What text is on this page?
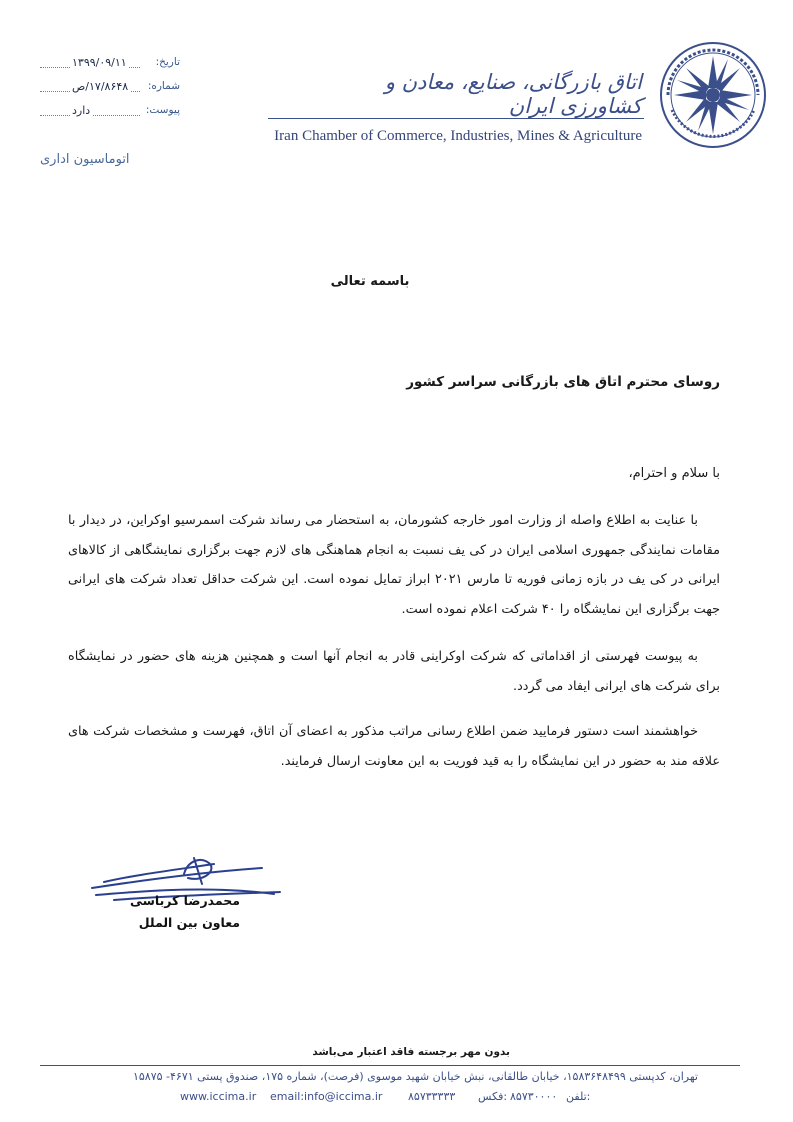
اتاق بازرگانی، صنایع، معادن و کشاورزی ایران
Iran Chamber of Commerce, Industries, Mines & Agriculture
تاریخ:
۱۳۹۹/۰۹/۱۱
شماره:
۱۷/۸۶۴۸/ص
پیوست:
دارد
اتوماسیون اداری
باسمه تعالی
روسای محترم اتاق های بازرگانی سراسر کشور
با سلام و احترام،
با عنایت به اطلاع واصله از وزارت امور خارجه کشورمان، به استحضار می رساند شرکت اسمرسیو اوکراین، در دیدار با مقامات نمایندگی جمهوری اسلامی ایران در کی یف نسبت به انجام هماهنگی های لازم جهت برگزاری نمایشگاهی از کالاهای ایرانی در کی یف در بازه زمانی فوریه تا مارس ۲۰۲۱ ابراز تمایل نموده است. این شرکت حداقل تعداد شرکت های ایرانی جهت برگزاری این نمایشگاه را ۴۰ شرکت اعلام نموده است.
به پیوست فهرستی از اقداماتی که شرکت اوکراینی قادر به انجام آنها است و همچنین هزینه های حضور در نمایشگاه برای شرکت های ایرانی ایفاد می گردد.
خواهشمند است دستور فرمایید ضمن اطلاع رسانی مراتب مذکور به اعضای آن اتاق، فهرست و مشخصات شرکت های علاقه مند به حضور در این نمایشگاه را به قید فوریت به این معاونت ارسال فرمایند.
محمدرضا کرباسی
معاون بین الملل
بدون مهر برجسته فاقد اعتبار می‌باشد
تهران، کدپستی ۱۵۸۳۶۴۸۴۹۹، خیابان طالقانی، نبش خیابان شهید موسوی (فرصت)، شماره ۱۷۵، صندوق پستی ۴۶۷۱- ۱۵۸۷۵
www.iccima.ir email:info@iccima.ir ۸۵۷۳۳۳۳۳ فکس: ۸۵۷۳۰۰۰۰ تلفن:
